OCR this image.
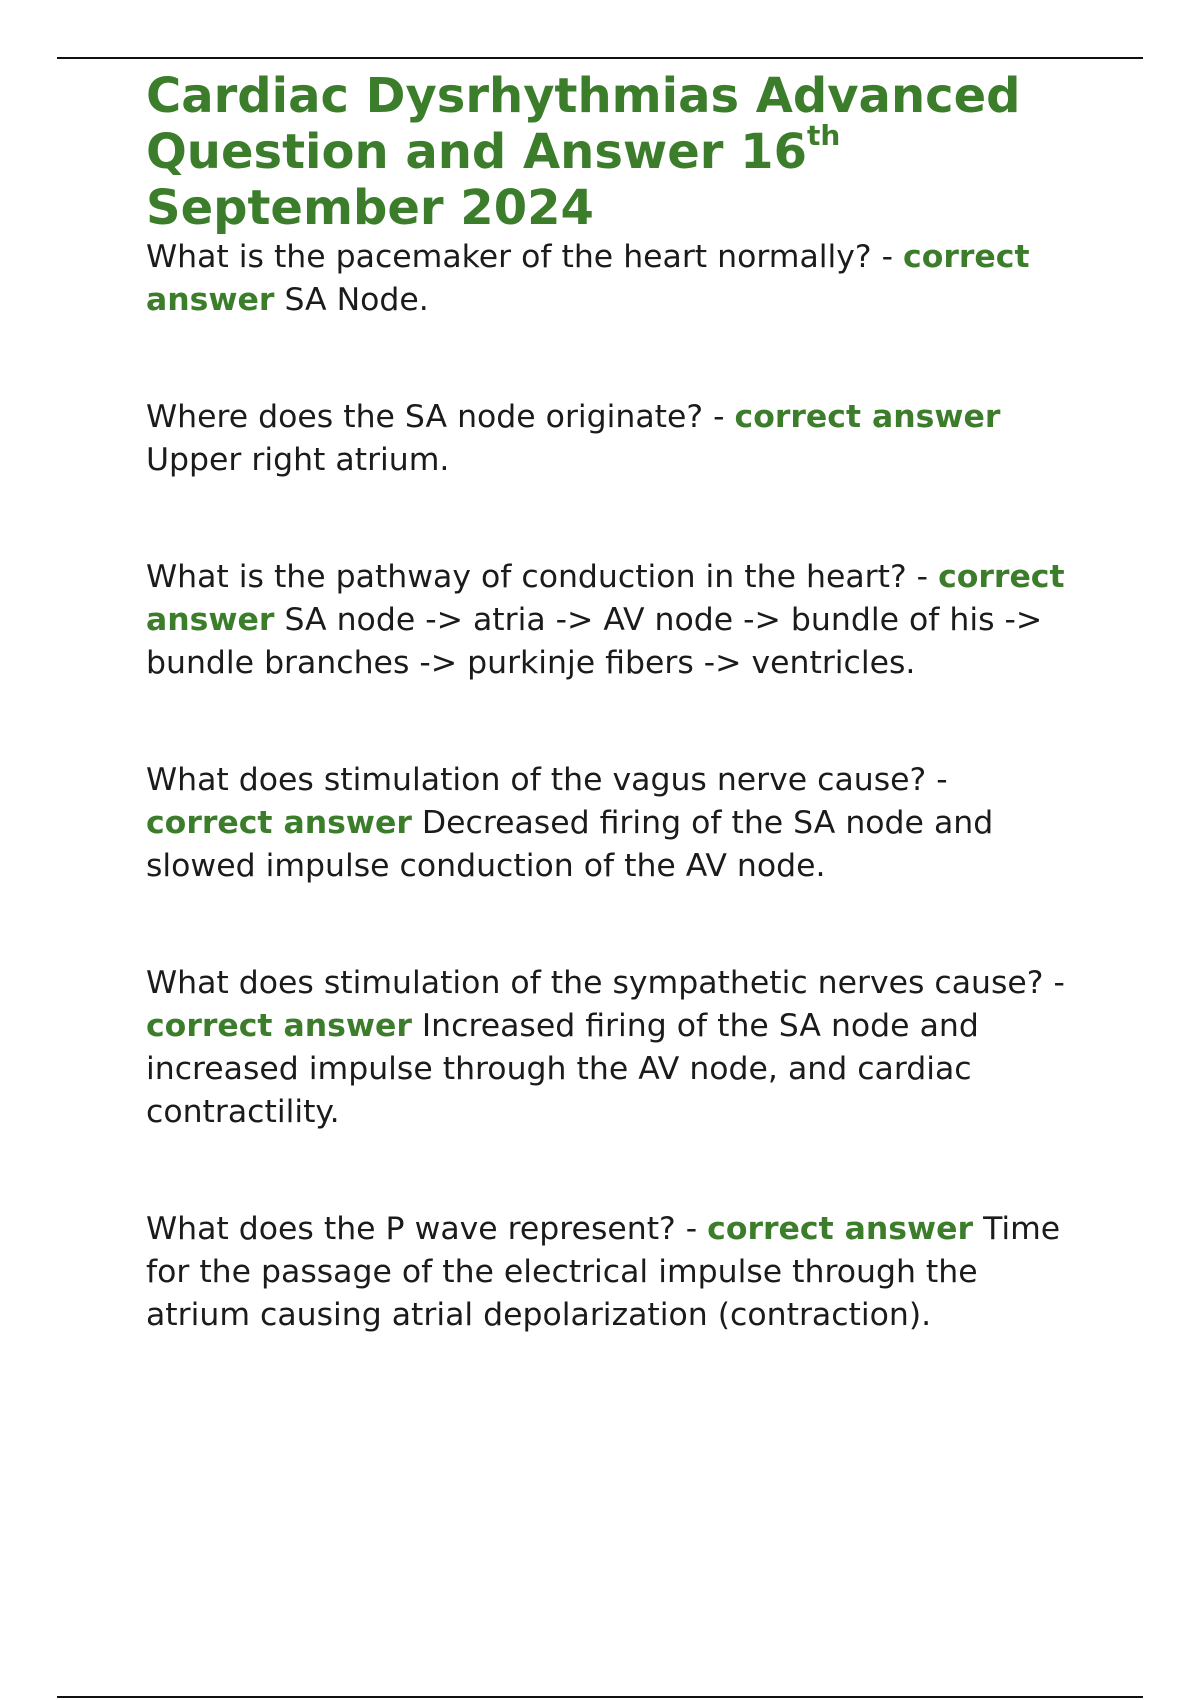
Cardiac Dysrhythmias Advanced
Question and Answer 16th
September 2024

What is the pacemaker of the heart normally? - correct
answer SA Node.

Where does the SA node originate? - correct answer
Upper right atrium.

What is the pathway of conduction in the heart? - correct
answer SA node -> atria -> AV node -> bundle of his ->
bundle branches -> purkinje fibers -> ventricles.

What does stimulation of the vagus nerve cause? -
correct answer Decreased firing of the SA node and
slowed impulse conduction of the AV node.

What does stimulation of the sympathetic nerves cause? -
correct answer Increased firing of the SA node and
increased impulse through the AV node, and cardiac
contractility.

What does the P wave represent? - correct answer Time
for the passage of the electrical impulse through the
atrium causing atrial depolarization (contraction).
